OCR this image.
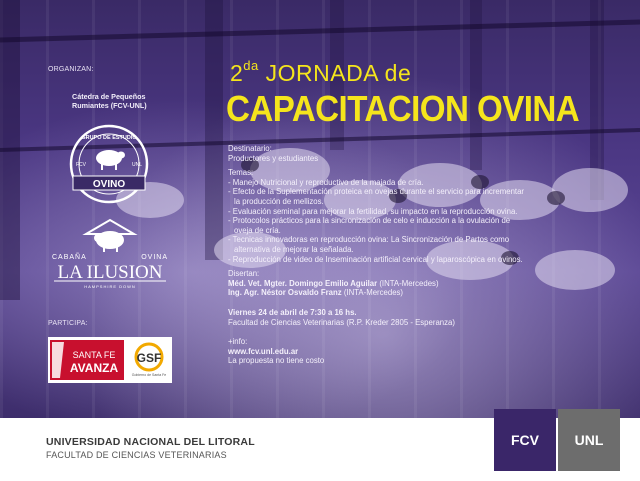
ORGANIZAN:
Cátedra de Pequeños
Rumiantes (FCV-UNL)
GRUPO DE ESTUDIO
FCV	UNL
OVINO
CABAÑA	OVINA
LA ILUSION
HAMPSHIRE DOWN
PARTICIPA:
SANTA FE
AVANZA
GSF
Gobierno de Santa Fe
$2^{da}$ JORNADA de
CAPACITACION OVINA
Destinatario:
Productores y estudiantes
Temas:
- Manejo Nutricional y reproductivo de la majada de cría.
- Efecto de la Suplementación proteica en ovejas durante el servicio para incrementar
la producción de mellizos.
- Evaluación seminal para mejorar la fertilidad, su impacto en la reproducción ovina.
- Protocolos prácticos para la sincronización de celo e inducción a la ovulación de
oveja de cría.
- Tecnicas innovadoras en reproducción ovina: La Sincronización de Partos como
alternativa de mejorar la señalada.
- Reproducción de video de Inseminación artificial cervical y laparoscópica en ovinos.
Disertan:
Méd. Vet. Mgter. Domingo Emilio Aguilar (INTA-Mercedes)
Ing. Agr. Néstor Osvaldo Franz (INTA-Mercedes)
Viernes 24 de abril de 7:30 a 16 hs.
Facultad de Ciencias Veterinarias (R.P. Kreder 2805 - Esperanza)
+info:
www.fcv.unl.edu.ar
La propuesta no tiene costo
UNIVERSIDAD NACIONAL DEL LITORAL
FACULTAD DE CIENCIAS VETERINARIAS
FCV	UNL
